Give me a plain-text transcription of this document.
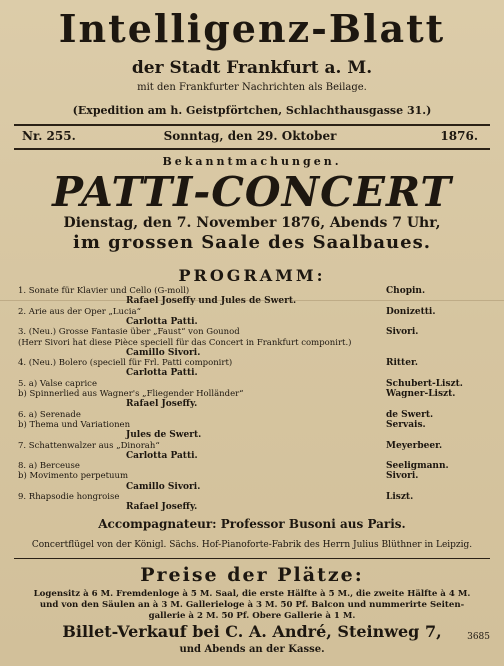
Intelligenz-Blatt
der Stadt Frankfurt a. M.
mit den Frankfurter Nachrichten als Beilage.
(Expedition am h. Geistpförtchen, Schlachthausgasse 31.)
Nr. 255.	Sonntag, den 29. Oktober	1876.
Bekanntmachungen.
PATTI-CONCERT
Dienstag, den 7. November 1876, Abends 7 Uhr,
im grossen Saale des Saalbaues.
PROGRAMM:
1. Sonate für Klavier und Cello (G-moll)	Chopin.
Rafael Joseffy und Jules de Swert.
2. Arie aus der Oper „Lucia“	Donizetti.
Carlotta Patti.
3. (Neu.) Grosse Fantasie über „Faust“ von Gounod	Sivori.
(Herr Sivori hat diese Pièce speciell für das Concert in Frankfurt componirt.)
Camillo Sivori.
4. (Neu.) Bolero (speciell für Frl. Patti componirt)	Ritter.
Carlotta Patti.
5. a) Valse caprice	Schubert-Liszt.
b) Spinnerlied aus Wagner's „Fliegender Holländer“	Wagner-Liszt.
Rafael Joseffy.
6. a) Serenade	de Swert.
b) Thema und Variationen	Servais.
Jules de Swert.
7. Schattenwalzer aus „Dinorah“	Meyerbeer.
Carlotta Patti.
8. a) Berceuse	Seeligmann.
b) Movimento perpetuum	Sivori.
Camillo Sivori.
9. Rhapsodie hongroise	Liszt.
Rafael Joseffy.
Accompagnateur: Professor Busoni aus Paris.
Concertflügel von der Königl. Sächs. Hof-Pianoforte-Fabrik des Herrn Julius Blüthner in Leipzig.
Preise der Plätze:
Logensitz à 6 M. Fremdenloge à 5 M. Saal, die erste Hälfte à 5 M., die zweite Hälfte à 4 M.
und von den Säulen an à 3 M. Gallerieloge à 3 M. 50 Pf. Balcon und nummerirte Seiten-
gallerie à 2 M. 50 Pf. Obere Gallerie à 1 M.
Billet-Verkauf bei C. A. André, Steinweg 7,
und Abends an der Kasse.
3685
